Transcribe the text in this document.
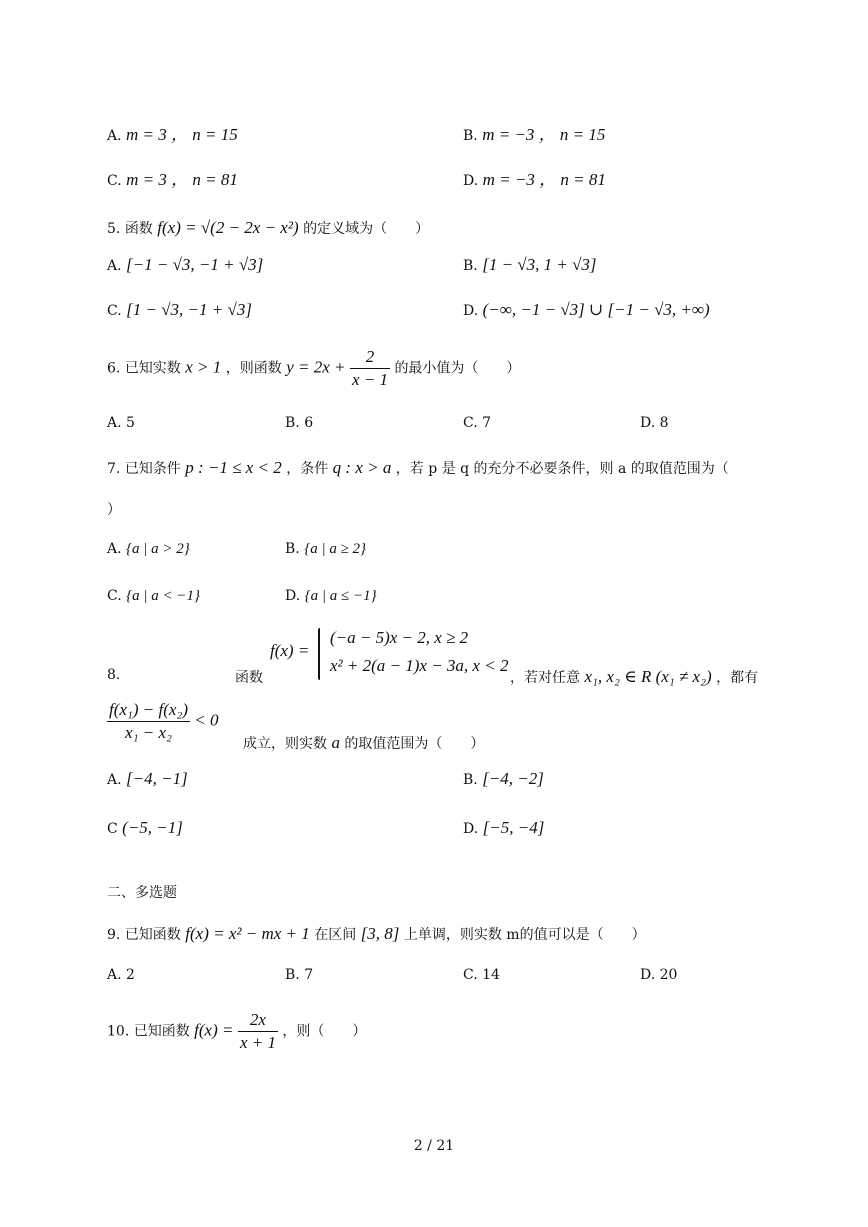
A. m = 3 ， n = 15	B. m = −3 ， n = 15
C. m = 3 ， n = 81	D. m = −3 ， n = 81
5. 函数 f(x) = √(2 − 2x − x²) 的定义域为（　　）
A. [−1 − √3, −1 + √3]	B. [1 − √3, 1 + √3]
C. [1 − √3, −1 + √3]	D. (−∞, −1 − √3] ∪ [−1 − √3, +∞)
6. 已知实数 x > 1 ，则函数 $y = 2x + \frac{2}{x - 1}$ 的最小值为（　　）
A. 5	B. 6	C. 7	D. 8
7. 已知条件 p : −1 ≤ x < 2 ，条件 q : x > a ，若 p 是 q 的充分不必要条件，则 a 的取值范围为（
）
A. {a | a > 2}	B. {a | a ≥ 2}
C. {a | a < −1}	D. {a | a ≤ −1}
8.	函数
f(x) =
(−a − 5)x − 2, x ≥ 2
x² + 2(a − 1)x − 3a, x < 2
，若对任意 x₁, x₂ ∈ R (x₁ ≠ x₂) ，都有
$\frac{\text{f(x₁) − f(x₂)}}{\text{x₁ − x₂}} < 0$
成立，则实数 a 的取值范围为（　　）
A. [−4, −1]	B. [−4, −2]
C (−5, −1]	D. [−5, −4]
二、多选题
9. 已知函数 f(x) = x² − mx + 1 在区间 [3, 8] 上单调，则实数 m的值可以是（　　）
A. 2	B. 7	C. 14	D. 20
10. 已知函数 $f(x) = \frac{2x}{x + 1}$ ，则（　　）
2 / 21
